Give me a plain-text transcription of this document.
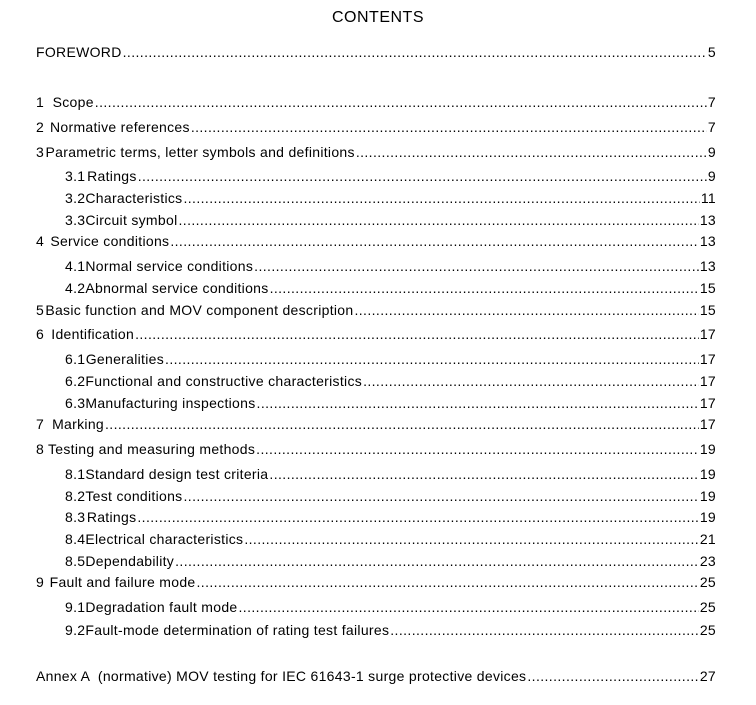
CONTENTS
FOREWORD .....	5
1 Scope .....	7
2 Normative references .....	7
3 Parametric terms, letter symbols and definitions .....	9
3.1 Ratings .....	9
3.2 Characteristics .....	11
3.3 Circuit symbol .....	13
4 Service conditions .....	13
4.1 Normal service conditions .....	13
4.2 Abnormal service conditions .....	15
5 Basic function and MOV component description .....	15
6 Identification .....	17
6.1 Generalities .....	17
6.2 Functional and constructive characteristics .....	17
6.3 Manufacturing inspections .....	17
7 Marking .....	17
8 Testing and measuring methods .....	19
8.1 Standard design test criteria .....	19
8.2 Test conditions .....	19
8.3 Ratings .....	19
8.4 Electrical characteristics .....	21
8.5 Dependability .....	23
9 Fault and failure mode .....	25
9.1 Degradation fault mode .....	25
9.2 Fault-mode determination of rating test failures .....	25
Annex A  (normative) MOV testing for IEC 61643-1 surge protective devices .....	27
